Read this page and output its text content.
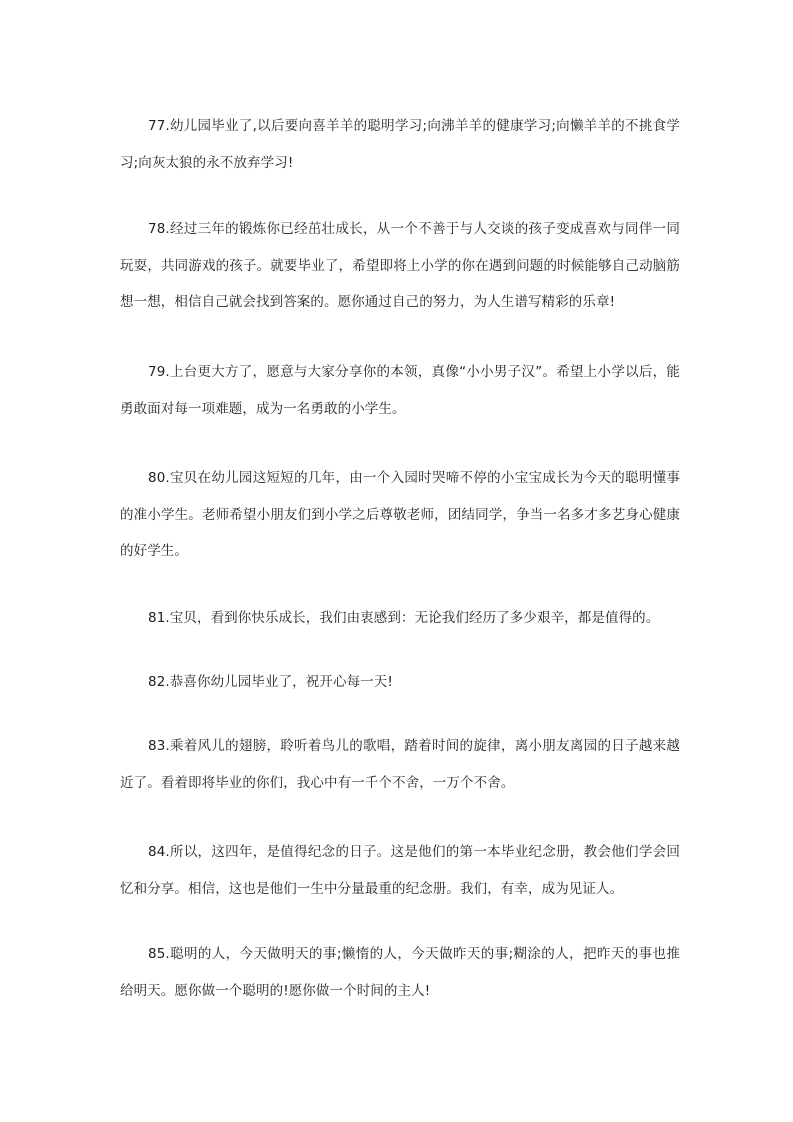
77.幼儿园毕业了,以后要向喜羊羊的聪明学习;向沸羊羊的健康学习;向懒羊羊的不挑食学习;向灰太狼的永不放弃学习!

78.经过三年的锻炼你已经茁壮成长，从一个不善于与人交谈的孩子变成喜欢与同伴一同玩耍，共同游戏的孩子。就要毕业了，希望即将上小学的你在遇到问题的时候能够自己动脑筋想一想，相信自己就会找到答案的。愿你通过自己的努力，为人生谱写精彩的乐章!

79.上台更大方了，愿意与大家分享你的本领，真像“小小男子汉”。希望上小学以后，能勇敢面对每一项难题，成为一名勇敢的小学生。

80.宝贝在幼儿园这短短的几年，由一个入园时哭啼不停的小宝宝成长为今天的聪明懂事的准小学生。老师希望小朋友们到小学之后尊敬老师，团结同学，争当一名多才多艺身心健康的好学生。

81.宝贝，看到你快乐成长，我们由衷感到：无论我们经历了多少艰辛，都是值得的。

82.恭喜你幼儿园毕业了，祝开心每一天!

83.乘着风儿的翅膀，聆听着鸟儿的歌唱，踏着时间的旋律，离小朋友离园的日子越来越近了。看着即将毕业的你们，我心中有一千个不舍，一万个不舍。

84.所以，这四年，是值得纪念的日子。这是他们的第一本毕业纪念册，教会他们学会回忆和分享。相信，这也是他们一生中分量最重的纪念册。我们，有幸，成为见证人。

85.聪明的人，今天做明天的事;懒惰的人，今天做昨天的事;糊涂的人，把昨天的事也推给明天。愿你做一个聪明的!愿你做一个时间的主人!
